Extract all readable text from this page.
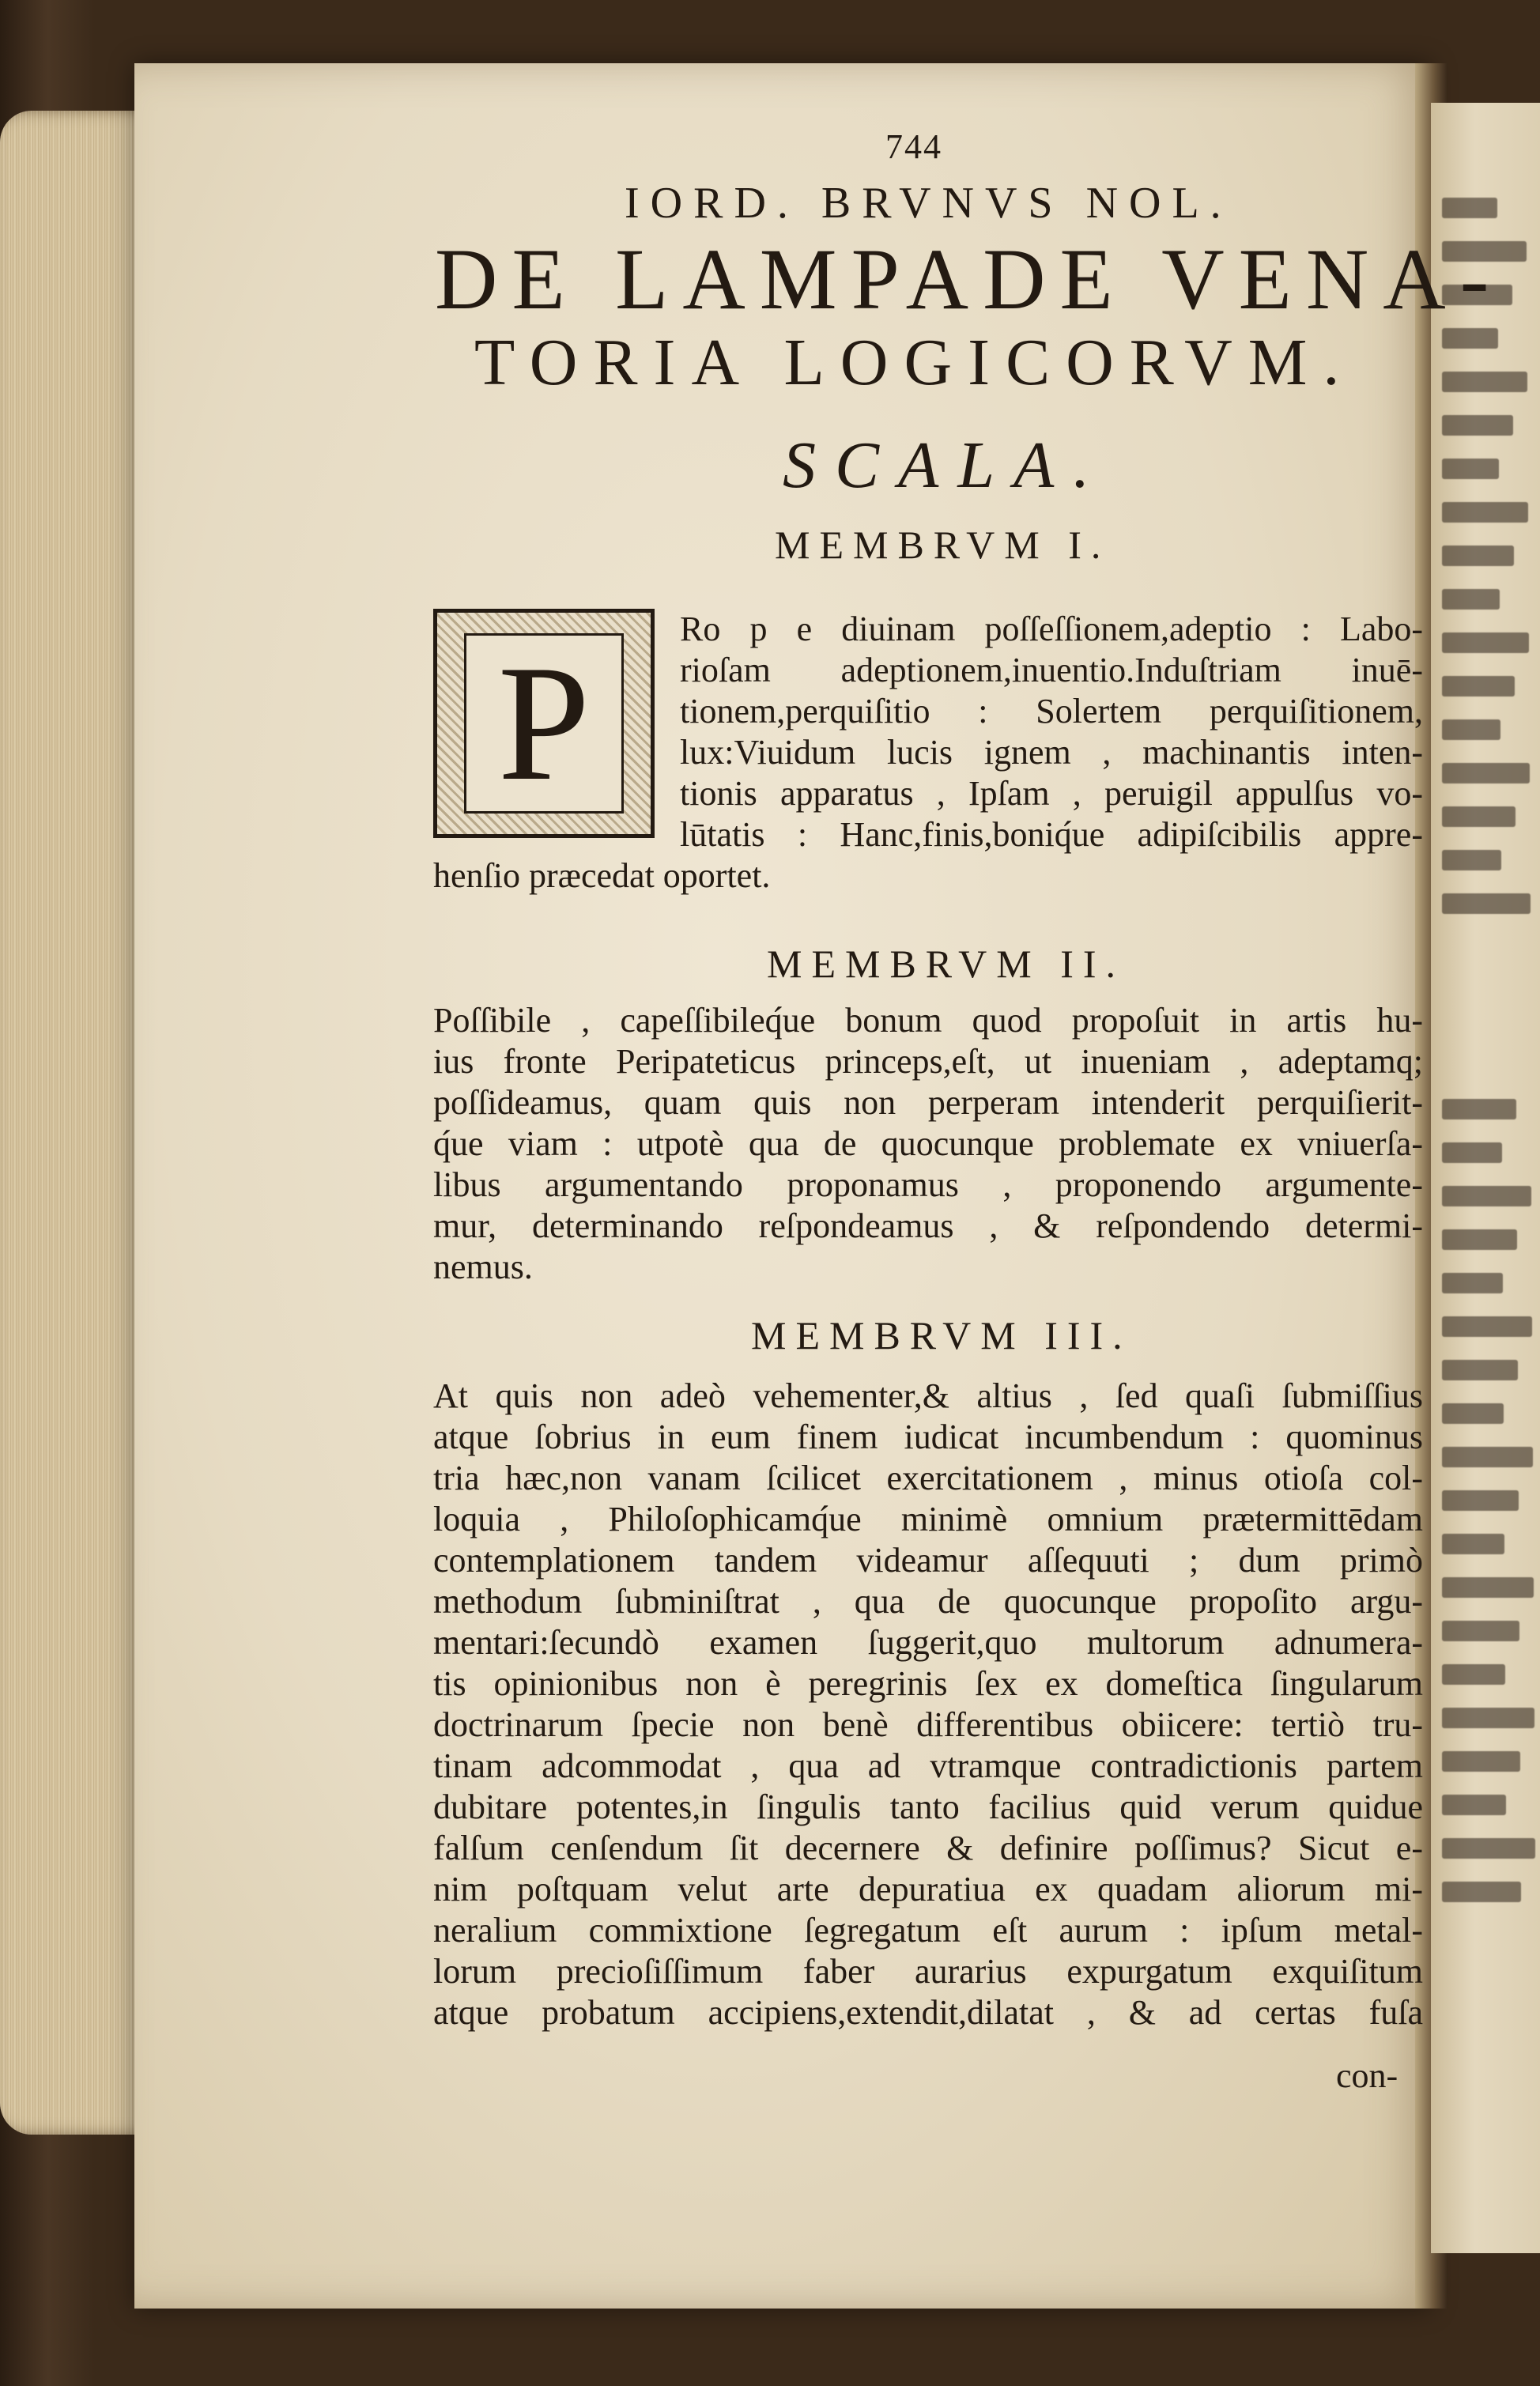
744
IORD. BRVNVS NOL.
DE LAMPADE VENA-
TORIA LOGICORVM.
SCALA.
MEMBRVM I.
P
Ro p e diuinam poſſeſſionem,adeptio : Labo-
rioſam adeptionem,inuentio.Induſtriam inuē-
tionem,perquiſitio : Solertem perquiſitionem,
lux:Viuidum lucis ignem , machinantis inten-
tionis apparatus , Ipſam , peruigil appulſus vo-
lūtatis : Hanc,finis,boniq́ue adipiſcibilis appre-
henſio præcedat oportet.
MEMBRVM II.
Poſſibile , capeſſibileq́ue bonum quod propoſuit in artis hu-
ius fronte Peripateticus princeps,eſt, ut inueniam , adeptamq;
poſſideamus, quam quis non perperam intenderit perquiſierit-
q́ue viam : utpotè qua de quocunque problemate ex vniuerſa-
libus argumentando proponamus , proponendo argumente-
mur, determinando reſpondeamus , & reſpondendo determi-
nemus.
MEMBRVM III.
At quis non adeò vehementer,& altius , ſed quaſi ſubmiſſius
atque ſobrius in eum finem iudicat incumbendum : quominus
tria hæc,non vanam ſcilicet exercitationem , minus otioſa col-
loquia , Philoſophicamq́ue minimè omnium prætermittēdam
contemplationem tandem videamur aſſequuti ; dum primò
methodum ſubminiſtrat , qua de quocunque propoſito argu-
mentari:ſecundò examen ſuggerit,quo multorum adnumera-
tis opinionibus non è peregrinis ſex ex domeſtica ſingularum
doctrinarum ſpecie non benè differentibus obiicere: tertiò tru-
tinam adcommodat , qua ad vtramque contradictionis partem
dubitare potentes,in ſingulis tanto facilius quid verum quidue
falſum cenſendum ſit decernere & definire poſſimus? Sicut e-
nim poſtquam velut arte depuratiua ex quadam aliorum mi-
neralium commixtione ſegregatum eſt aurum : ipſum metal-
lorum precioſiſſimum faber aurarius expurgatum exquiſitum
atque probatum accipiens,extendit,dilatat , & ad certas fuſa
con-
